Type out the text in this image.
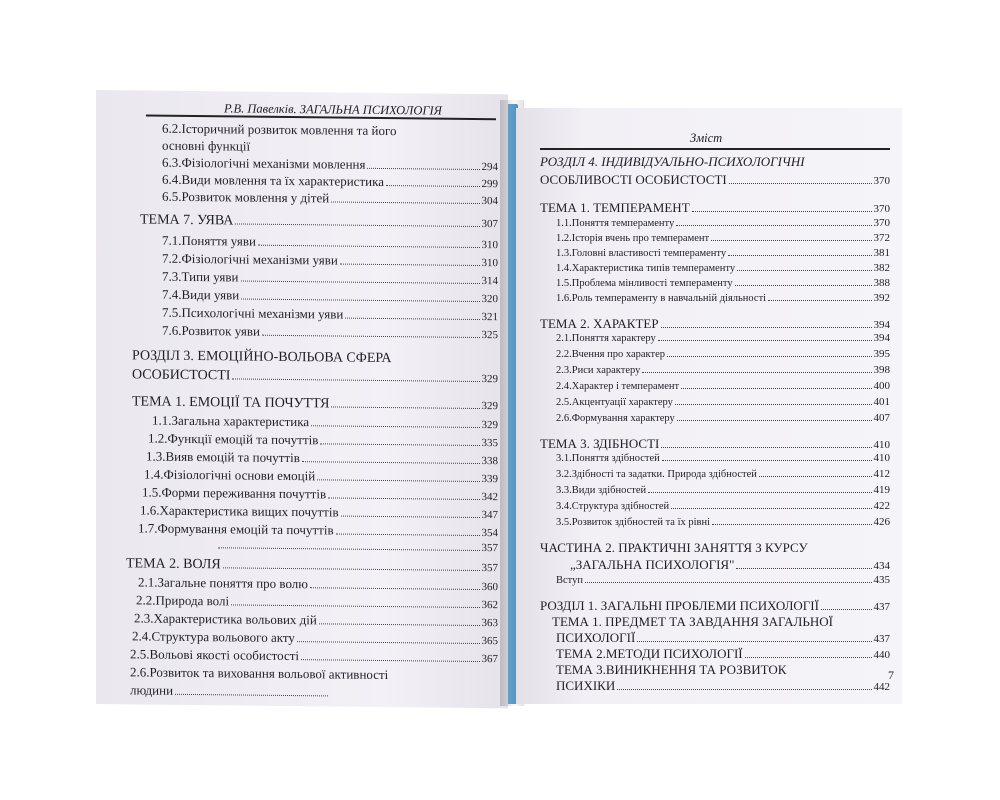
Р.В. Павелків. ЗАГАЛЬНА ПСИХОЛОГІЯ
6.2.Історичний розвиток мовлення та його
основні функції
6.3.Фізіологічні механізми мовлення	294
6.4.Види мовлення та їх характеристика	299
6.5.Розвиток мовлення у дітей	304
ТЕМА 7. УЯВА	307
7.1.Поняття уяви	310
7.2.Фізіологічні механізми уяви	310
7.3.Типи уяви	314
7.4.Види уяви	320
7.5.Психологічні механізми уяви	321
7.6.Розвиток уяви	325
РОЗДІЛ 3. ЕМОЦІЙНО-ВОЛЬОВА СФЕРА
ОСОБИСТОСТІ	329
ТЕМА 1. ЕМОЦІЇ ТА ПОЧУТТЯ	329
1.1.Загальна характеристика	329
1.2.Функції емоцій та почуттів	335
1.3.Вияв емоцій та почуттів	338
1.4.Фізіологічні основи емоцій	339
1.5.Форми переживання почуттів	342
1.6.Характеристика вищих почуттів	347
1.7.Формування емоцій та почуттів	354
357
ТЕМА 2. ВОЛЯ	357
2.1.Загальне поняття про волю	360
2.2.Природа волі	362
2.3.Характеристика вольових дій	363
2.4.Структура вольового акту	365
2.5.Вольові якості особистості	367
2.6.Розвиток та виховання вольової активності
людини
Зміст
РОЗДІЛ 4. ІНДИВІДУАЛЬНО-ПСИХОЛОГІЧНІ
ОСОБЛИВОСТІ ОСОБИСТОСТІ	370
ТЕМА 1. ТЕМПЕРАМЕНТ	370
1.1.Поняття темпераменту	370
1.2.Історія вчень про темперамент	372
1.3.Головні властивості темпераменту	381
1.4.Характеристика типів темпераменту	382
1.5.Проблема мінливості темпераменту	388
1.6.Роль темпераменту в навчальній діяльності	392
ТЕМА 2. ХАРАКТЕР	394
2.1.Поняття характеру	394
2.2.Вчення про характер	395
2.3.Риси характеру	398
2.4.Характер і темперамент	400
2.5.Акцентуації характеру	401
2.6.Формування характеру	407
ТЕМА 3. ЗДІБНОСТІ	410
3.1.Поняття здібностей	410
3.2.Здібності та задатки. Природа здібностей	412
3.3.Види здібностей	419
3.4.Структура здібностей	422
3.5.Розвиток здібностей та їх рівні	426
ЧАСТИНА 2. ПРАКТИЧНІ ЗАНЯТТЯ З КУРСУ
„ЗАГАЛЬНА ПСИХОЛОГІЯ"	434
Вступ	435
РОЗДІЛ 1. ЗАГАЛЬНІ ПРОБЛЕМИ ПСИХОЛОГІЇ	437
ТЕМА 1. ПРЕДМЕТ ТА ЗАВДАННЯ ЗАГАЛЬНОЇ
ПСИХОЛОГІЇ	437
ТЕМА 2.МЕТОДИ ПСИХОЛОГІЇ	440
ТЕМА 3.ВИНИКНЕННЯ ТА РОЗВИТОК
ПСИХІКИ	442
7
